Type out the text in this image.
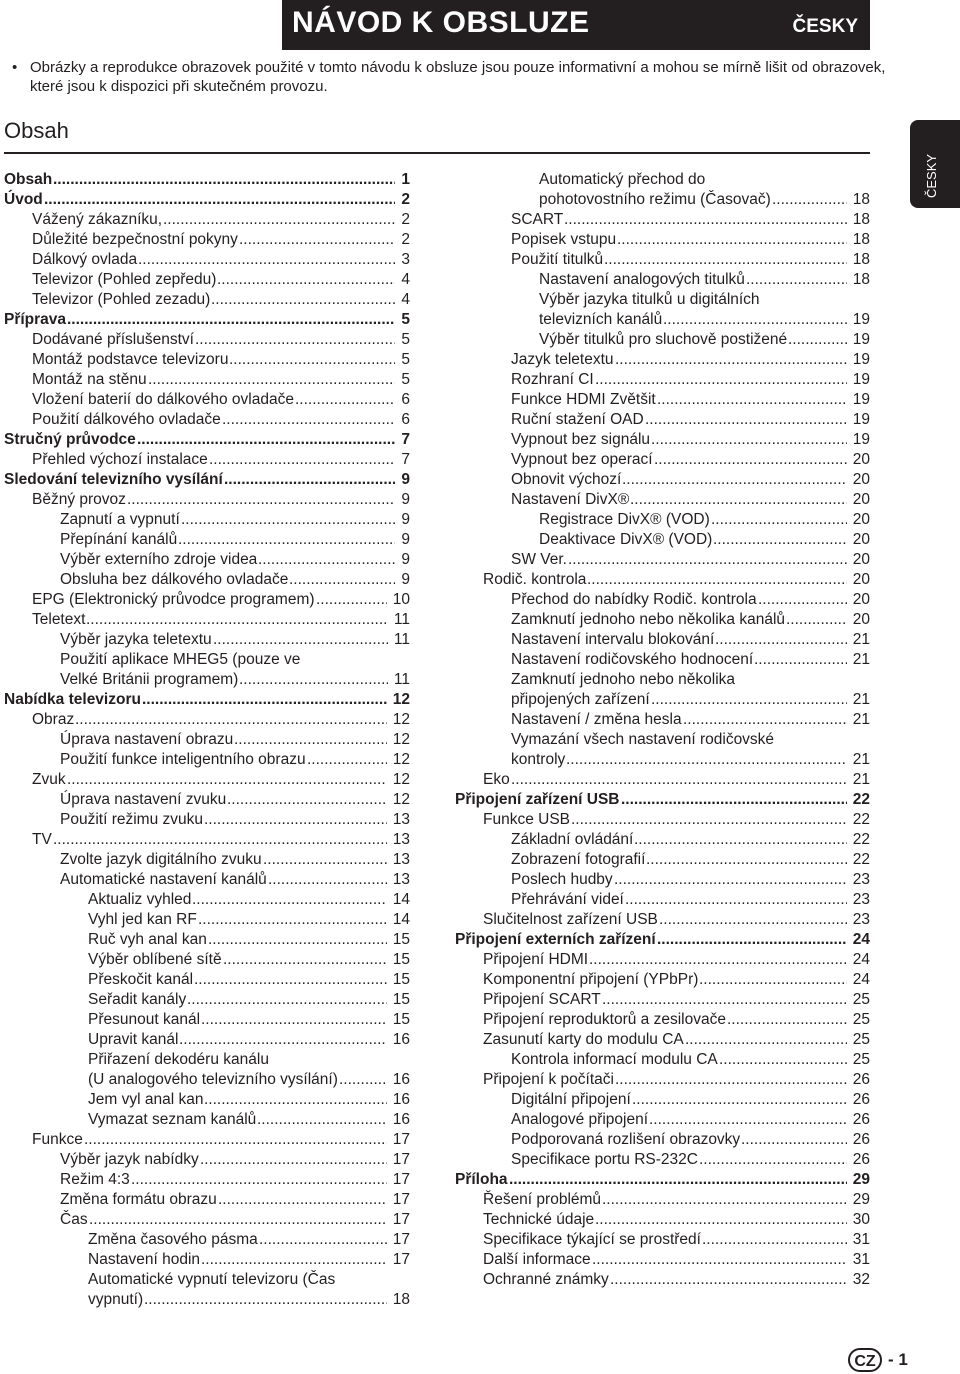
NÁVOD K OBSLUZE	ČESKY
• Obrázky a reprodukce obrazovek použité v tomto návodu k obsluze jsou pouze informativní a mohou se mírně lišit od obrazovek, které jsou k dispozici při skutečném provozu.
Obsah
ČESKY
Obsah .....	1
Úvod .....	2
Vážený zákazníku, .....	2
Důležité bezpečnostní pokyny .....	2
Dálkový ovlada .....	3
Televizor (Pohled zepředu) .....	4
Televizor (Pohled zezadu) .....	4
Příprava .....	5
Dodávané příslušenství .....	5
Montáž podstavce televizoru .....	5
Montáž na stěnu .....	5
Vložení baterií do dálkového ovladače .....	6
Použití dálkového ovladače .....	6
Stručný průvodce .....	7
Přehled výchozí instalace .....	7
Sledování televizního vysílání .....	9
Běžný provoz .....	9
Zapnutí a vypnutí .....	9
Přepínání kanálů .....	9
Výběr externího zdroje videa .....	9
Obsluha bez dálkového ovladače .....	9
EPG (Elektronický průvodce programem) .....	10
Teletext .....	11
Výběr jazyka teletextu .....	11
Použití aplikace MHEG5 (pouze ve
Velké Británii programem) .....	11
Nabídka televizoru .....	12
Obraz .....	12
Úprava nastavení obrazu .....	12
Použití funkce inteligentního obrazu .....	12
Zvuk .....	12
Úprava nastavení zvuku .....	12
Použití režimu zvuku .....	13
TV .....	13
Zvolte jazyk digitálního zvuku .....	13
Automatické nastavení kanálů .....	13
Aktualiz vyhled .....	14
Vyhl jed kan RF .....	14
Ruč vyh anal kan .....	15
Výběr oblíbené sítě .....	15
Přeskočit kanál .....	15
Seřadit kanály .....	15
Přesunout kanál .....	15
Upravit kanál .....	16
Přiřazení dekodéru kanálu
(U analogového televizního vysílání) .....	16
Jem vyl anal kan .....	16
Vymazat seznam kanálů .....	16
Funkce .....	17
Výběr jazyk nabídky .....	17
Režim 4:3 .....	17
Změna formátu obrazu .....	17
Čas .....	17
Změna časového pásma .....	17
Nastavení hodin .....	17
Automatické vypnutí televizoru (Čas
vypnutí) .....	18
Automatický přechod do
pohotovostního režimu (Časovač) .....	18
SCART .....	18
Popisek vstupu .....	18
Použití titulků .....	18
Nastavení analogových titulků .....	18
Výběr jazyka titulků u digitálních
televizních kanálů .....	19
Výběr titulků pro sluchově postižené .....	19
Jazyk teletextu .....	19
Rozhraní CI .....	19
Funkce HDMI Zvětšit .....	19
Ruční stažení OAD .....	19
Vypnout bez signálu .....	19
Vypnout bez operací .....	20
Obnovit výchozí .....	20
Nastavení DivX® .....	20
Registrace DivX® (VOD) .....	20
Deaktivace DivX® (VOD) .....	20
SW Ver. .....	20
Rodič. kontrola .....	20
Přechod do nabídky Rodič. kontrola .....	20
Zamknutí jednoho nebo několika kanálů .....	20
Nastavení intervalu blokování .....	21
Nastavení rodičovského hodnocení .....	21
Zamknutí jednoho nebo několika
připojených zařízení .....	21
Nastavení / změna hesla .....	21
Vymazání všech nastavení rodičovské
kontroly .....	21
Eko .....	21
Připojení zařízení USB .....	22
Funkce USB .....	22
Základní ovládání .....	22
Zobrazení fotografií .....	22
Poslech hudby .....	23
Přehrávání videí .....	23
Slučitelnost zařízení USB .....	23
Připojení externích zařízení .....	24
Připojení HDMI .....	24
Komponentní připojení (YPbPr) .....	24
Připojení SCART .....	25
Připojení reproduktorů a zesilovače .....	25
Zasunutí karty do modulu CA .....	25
Kontrola informací modulu CA .....	25
Připojení k počítači .....	26
Digitální připojení .....	26
Analogové připojení .....	26
Podporovaná rozlišení obrazovky .....	26
Specifikace portu RS-232C .....	26
Příloha .....	29
Řešení problémů .....	29
Technické údaje .....	30
Specifikace týkající se prostředí .....	31
Další informace .....	31
Ochranné známky .....	32
CZ - 1
